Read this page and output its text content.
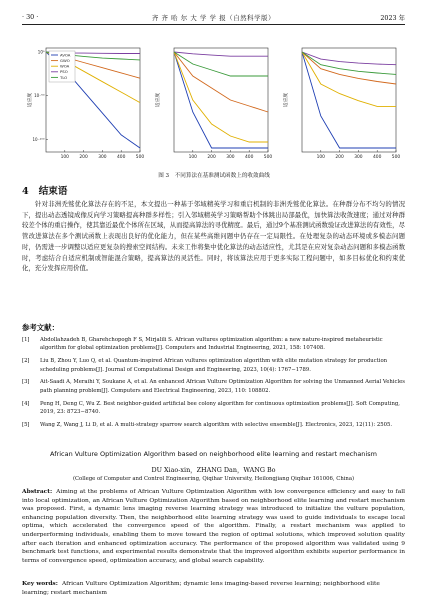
· 30 ·	齐 齐 哈 尔 大 学 学 报（自然科学版）	2023 年
100 200 300 400 500
适应度
10⁰
10⁻⁵⁰
10⁻¹⁰⁰
AVOA
GWO
WOA
PSO
TLO
100 200 300 400 500
适应度
100 200 300 400 500
适应度
图 3　不同算法在基准测试函数上的收敛曲线
4 结束语
针对非洲秃鹫优化算法存在的不足，本文提出一种基于邻域精英学习和重启机制的非洲秃鹫优化算法。在种群分布不均匀的情况下，提出动态透镜成像反向学习策略提高种群多样性；引入邻域精英学习策略帮助个体跳出局部最优，加快算法收敛速度；通过对种群较差个体的重启操作，使其靠近最优个体所在区域，从而提高算法的寻优精度。最后，通过9个基准测试函数验证改进算法的有效性，尽管改进算法在多个测试函数上表现出良好的优化能力，但在某些高维问题中仍存在一定局限性。在处理复杂的动态环境或多模态问题时，仍需进一步调整以适应更复杂的搜索空间结构。未来工作将集中优化算法的动态适应性，尤其是在应对复杂动态问题和多模态函数时，考虑结合自适应机制或智能混合策略，提高算法的灵活性。同时，将该算法应用于更多实际工程问题中，如多目标优化和约束优化，充分发挥应用价值。
参考文献：
[1] Abdollahzadeh B, Gharehchopogh F S, Mirjalili S. African vultures optimization algorithm: a new nature-inspired metaheuristic algorithm for global optimization problems[J]. Computers and Industrial Engineering, 2021, 158: 107408.
[2] Liu B, Zhou Y, Luo Q, et al. Quantum-inspired African vultures optimization algorithm with elite mutation strategy for production scheduling problems[J]. Journal of Computational Design and Engineering, 2023, 10(4): 1767−1789.
[3] Ait-Saadi A, Meraihi Y, Soukane A, et al. An enhanced African Vulture Optimization Algorithm for solving the Unmanned Aerial Vehicles path planning problem[J]. Computers and Electrical Engineering, 2023, 110: 108802.
[4] Peng H, Deng C, Wu Z. Best neighbor-guided artificial bee colony algorithm for continuous optimization problems[J]. Soft Computing, 2019, 23: 8723−8740.
[5] Wang Z, Wang J, Li D, et al. A multi-strategy sparrow search algorithm with selective ensemble[J]. Electronics, 2023, 12(11): 2505.
African Vulture Optimization Algorithm based on neighborhood elite learning and restart mechanism
DU Xiao-xin，ZHANG Dan，WANG Bo
(College of Computer and Control Engineering, Qiqihar University, Heilongjiang Qiqihar 161006, China)
Abstract: Aiming at the problems of African Vulture Optimization Algorithm with low convergence efficiency and easy to fall into local optimization, an African Vulture Optimization Algorithm based on neighborhood elite learning and restart mechanism was proposed. First, a dynamic lens imaging reverse learning strategy was introduced to initialize the vulture population, enhancing population diversity. Then, the neighborhood elite learning strategy was used to guide individuals to escape local optima, which accelerated the convergence speed of the algorithm. Finally, a restart mechanism was applied to underperforming individuals, enabling them to move toward the region of optimal solutions, which improved solution quality after each iteration and enhanced optimization accuracy. The performance of the proposed algorithm was validated using 9 benchmark test functions, and experimental results demonstrate that the improved algorithm exhibits superior performance in terms of convergence speed, optimization accuracy, and global search capability.
Key words: African Vulture Optimization Algorithm; dynamic lens imaging-based reverse learning; neighborhood elite learning; restart mechanism
